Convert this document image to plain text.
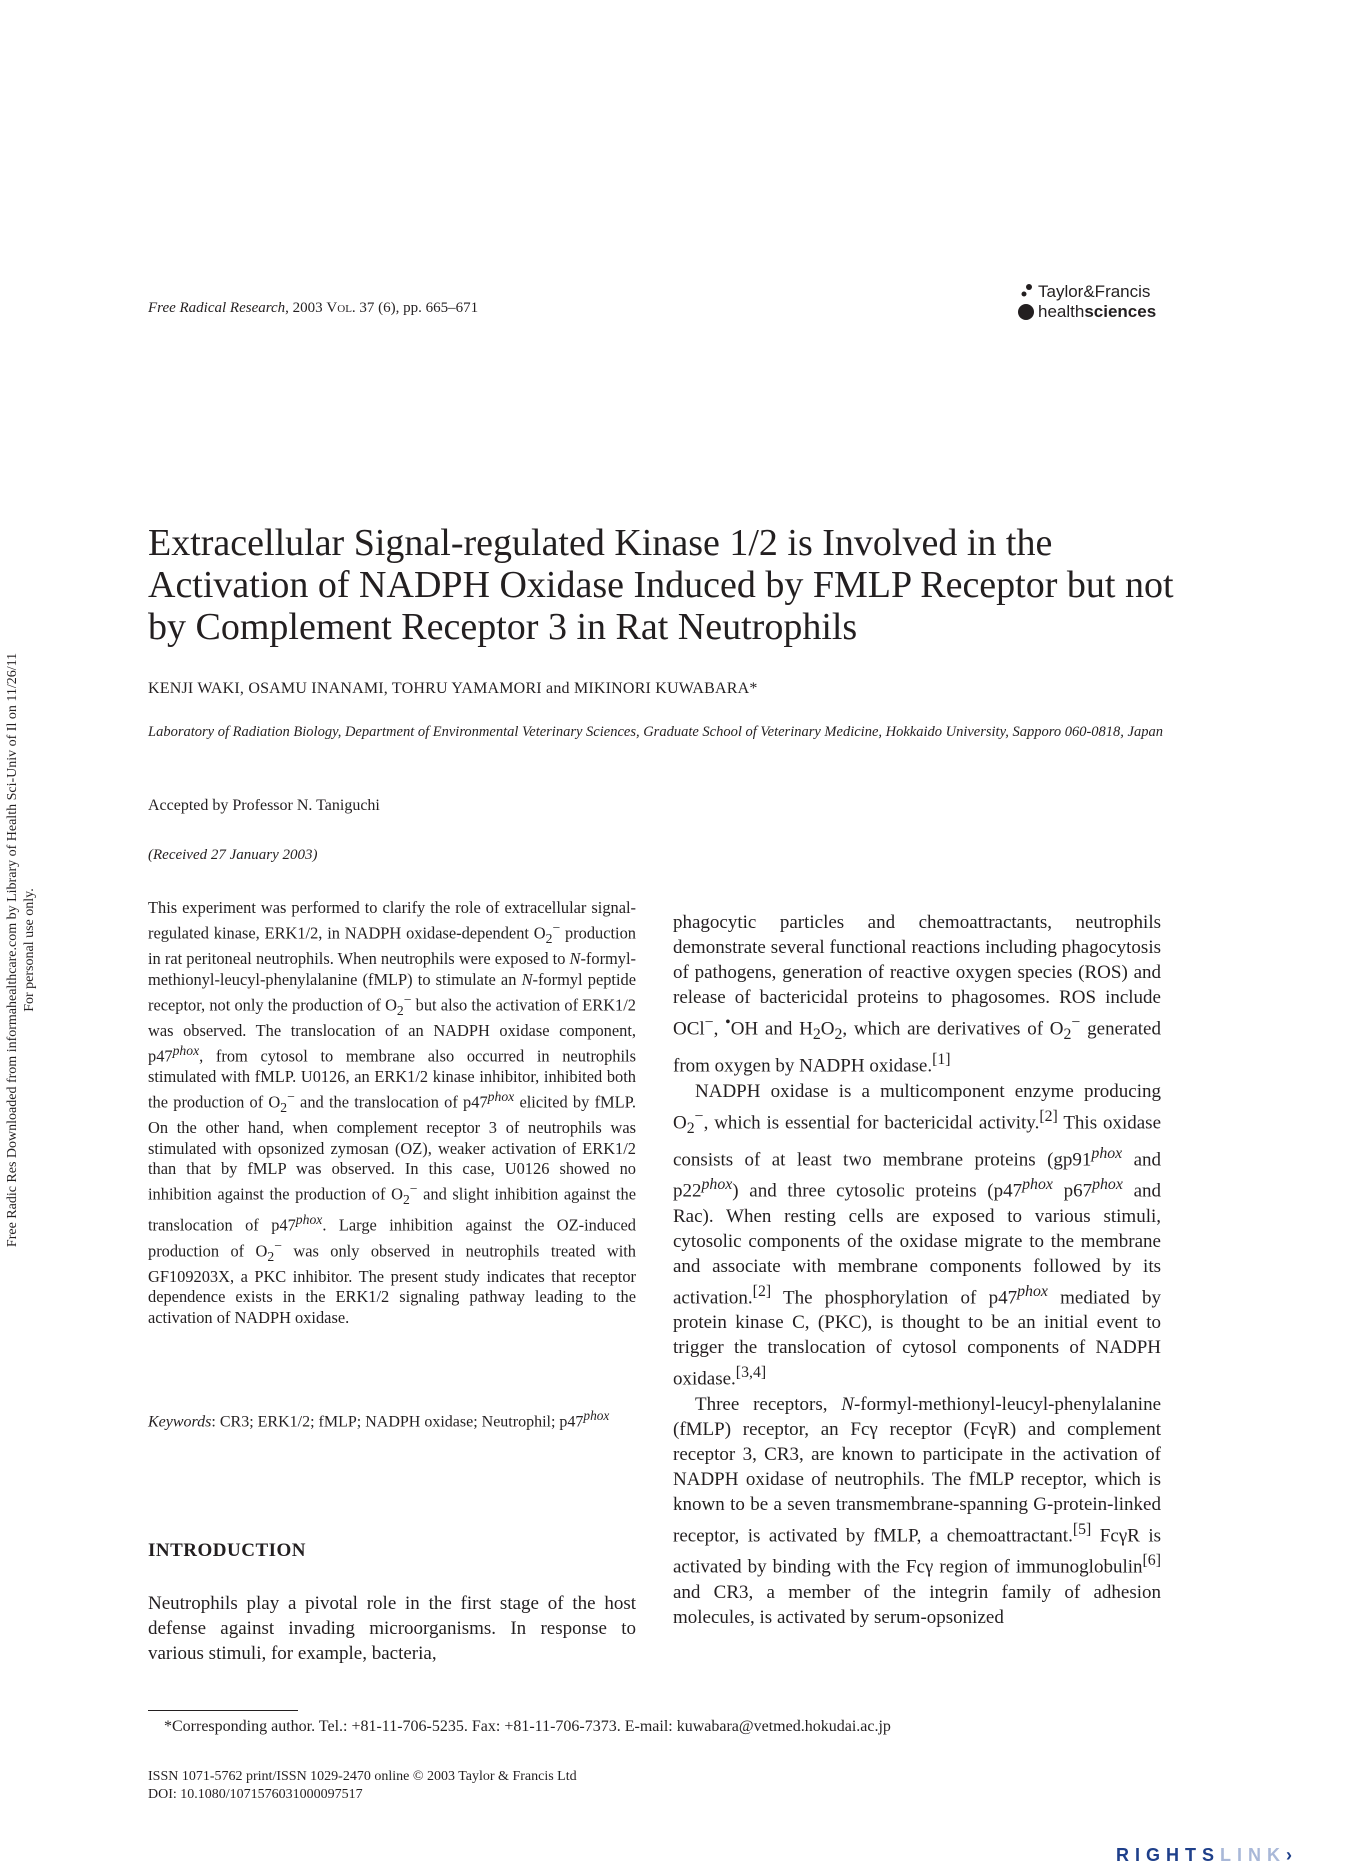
Free Radic Res Downloaded from informahealthcare.com by Library of Health Sci-Univ of Il on 11/26/11 For personal use only.
Free Radical Research, 2003 Vol. 37 (6), pp. 665–671
Taylor&Francis
healthsciences
Extracellular Signal-regulated Kinase 1/2 is Involved in the Activation of NADPH Oxidase Induced by FMLP Receptor but not by Complement Receptor 3 in Rat Neutrophils
KENJI WAKI, OSAMU INANAMI, TOHRU YAMAMORI and MIKINORI KUWABARA*
Laboratory of Radiation Biology, Department of Environmental Veterinary Sciences, Graduate School of Veterinary Medicine, Hokkaido University, Sapporo 060-0818, Japan
Accepted by Professor N. Taniguchi
(Received 27 January 2003)
This experiment was performed to clarify the role of extracellular signal-regulated kinase, ERK1/2, in NADPH oxidase-dependent $O_2^-$ production in rat peritoneal neutrophils. When neutrophils were exposed to N-formyl-methionyl-leucyl-phenylalanine (fMLP) to stimulate an N-formyl peptide receptor, not only the production of $O_2^-$ but also the activation of ERK1/2 was observed. The translocation of an NADPH oxidase component, $p47^{phox}$, from cytosol to membrane also occurred in neutrophils stimulated with fMLP. U0126, an ERK1/2 kinase inhibitor, inhibited both the production of $O_2^-$ and the translocation of $p47^{phox}$ elicited by fMLP. On the other hand, when complement receptor 3 of neutrophils was stimulated with opsonized zymosan (OZ), weaker activation of ERK1/2 than that by fMLP was observed. In this case, U0126 showed no inhibition against the production of $O_2^-$ and slight inhibition against the translocation of $p47^{phox}$. Large inhibition against the OZ-induced production of $O_2^-$ was only observed in neutrophils treated with GF109203X, a PKC inhibitor. The present study indicates that receptor dependence exists in the ERK1/2 signaling pathway leading to the activation of NADPH oxidase.
Keywords: CR3; ERK1/2; fMLP; NADPH oxidase; Neutrophil; $p47^{phox}$
INTRODUCTION
Neutrophils play a pivotal role in the first stage of the host defense against invading microorganisms. In response to various stimuli, for example, bacteria,

phagocytic particles and chemoattractants, neutrophils demonstrate several functional reactions including phagocytosis of pathogens, generation of reactive oxygen species (ROS) and release of bactericidal proteins to phagosomes. ROS include OCl−, •OH and $H_2O_2$, which are derivatives of $O_2^-$ generated from oxygen by NADPH oxidase.[1]

NADPH oxidase is a multicomponent enzyme producing $O_2^-$, which is essential for bactericidal activity.[2] This oxidase consists of at least two membrane proteins ($gp91^{phox}$ and $p22^{phox}$) and three cytosolic proteins ($p47^{phox}$ $p67^{phox}$ and Rac). When resting cells are exposed to various stimuli, cytosolic components of the oxidase migrate to the membrane and associate with membrane components followed by its activation.[2] The phosphorylation of $p47^{phox}$ mediated by protein kinase C, (PKC), is thought to be an initial event to trigger the translocation of cytosol components of NADPH oxidase.[3,4]

Three receptors, N-formyl-methionyl-leucyl-phenylalanine (fMLP) receptor, an Fcγ receptor (FcγR) and complement receptor 3, CR3, are known to participate in the activation of NADPH oxidase of neutrophils. The fMLP receptor, which is known to be a seven transmembrane-spanning G-protein-linked receptor, is activated by fMLP, a chemoattractant.[5] FcγR is activated by binding with the Fcγ region of immunoglobulin[6] and CR3, a member of the integrin family of adhesion molecules, is activated by serum-opsonized

*Corresponding author. Tel.: +81-11-706-5235. Fax: +81-11-706-7373. E-mail: kuwabara@vetmed.hokudai.ac.jp
ISSN 1071-5762 print/ISSN 1029-2470 online © 2003 Taylor & Francis Ltd
DOI: 10.1080/1071576031000097517
RIGHTSLINK›
